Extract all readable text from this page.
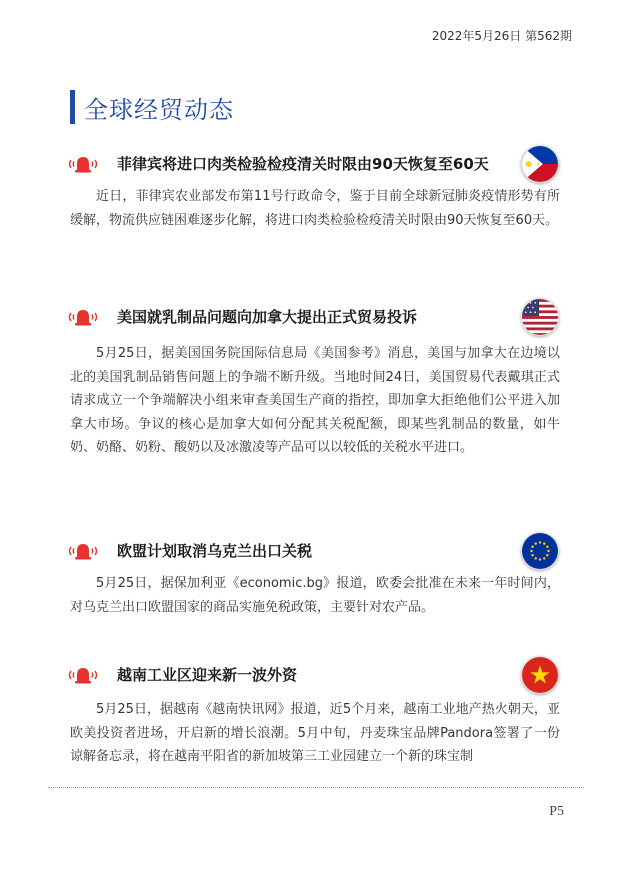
2022年5月26日 第562期
全球经贸动态
菲律宾将进口肉类检验检疫清关时限由90天恢复至60天
近日，菲律宾农业部发布第11号行政命令，鉴于目前全球新冠肺炎疫情形势有所缓解，物流供应链困难逐步化解，将进口肉类检验检疫清关时限由90天恢复至60天。
美国就乳制品问题向加拿大提出正式贸易投诉
5月25日，据美国国务院国际信息局《美国参考》消息，美国与加拿大在边境以北的美国乳制品销售问题上的争端不断升级。当地时间24日，美国贸易代表戴琪正式请求成立一个争端解决小组来审查美国生产商的指控，即加拿大拒绝他们公平进入加拿大市场。争议的核心是加拿大如何分配其关税配额，即某些乳制品的数量，如牛奶、奶酪、奶粉、酸奶以及冰激凌等产品可以以较低的关税水平进口。
欧盟计划取消乌克兰出口关税
5月25日，据保加利亚《economic.bg》报道，欧委会批准在未来一年时间内，对乌克兰出口欧盟国家的商品实施免税政策，主要针对农产品。
越南工业区迎来新一波外资
5月25日，据越南《越南快讯网》报道，近5个月来，越南工业地产热火朝天，亚欧美投资者进场，开启新的增长浪潮。5月中旬，丹麦珠宝品牌Pandora签署了一份谅解备忘录，将在越南平阳省的新加坡第三工业园建立一个新的珠宝制
P5
